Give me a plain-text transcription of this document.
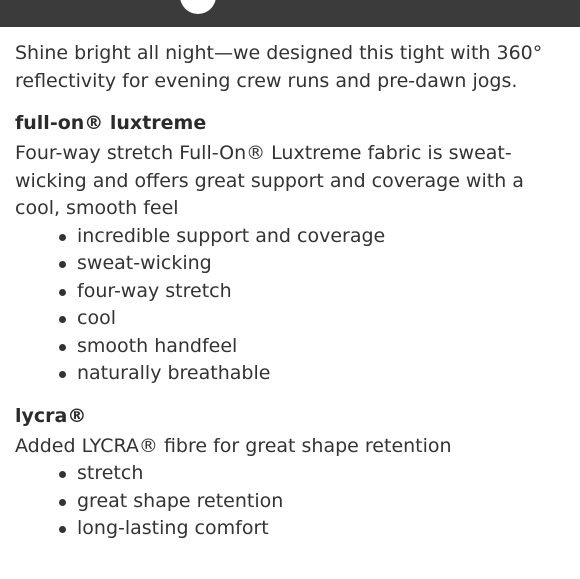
Shine bright all night—we designed this tight with 360° reflectivity for evening crew runs and pre-dawn jogs.

full-on® luxtreme

Four-way stretch Full-On® Luxtreme fabric is sweat-wicking and offers great support and coverage with a cool, smooth feel

incredible support and coverage
sweat-wicking
four-way stretch
cool
smooth handfeel
naturally breathable
lycra®

Added LYCRA® fibre for great shape retention

stretch
great shape retention
long-lasting comfort
